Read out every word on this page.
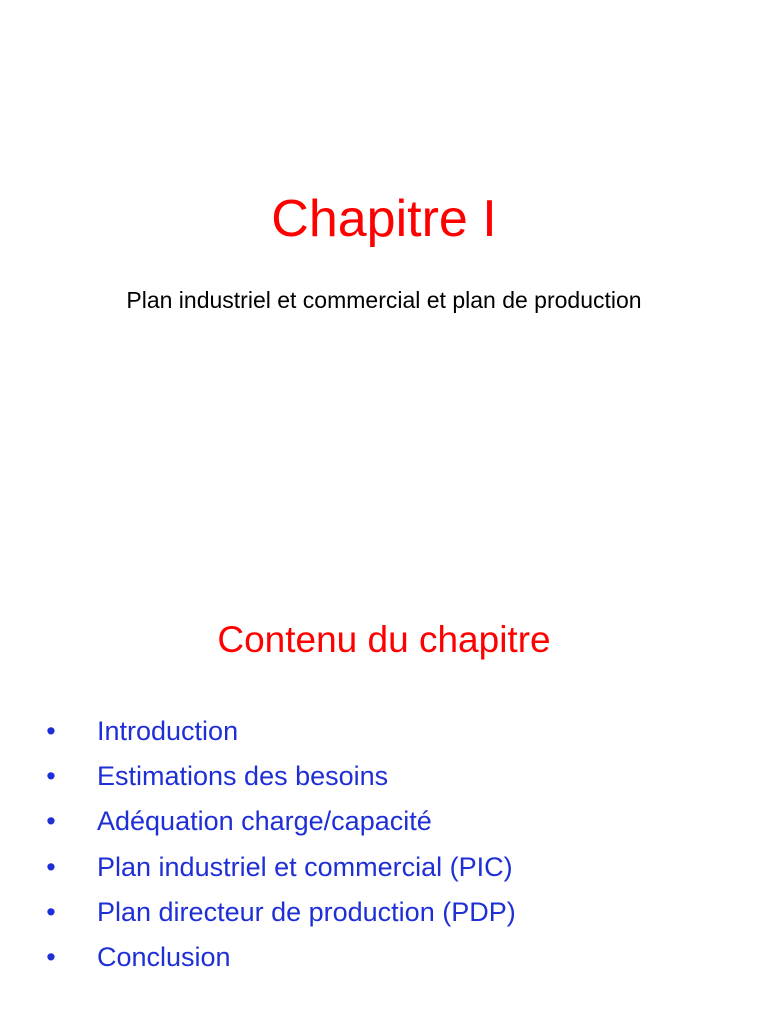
Chapitre I
Plan industriel et commercial et plan de production
Contenu du chapitre
• Introduction
• Estimations des besoins
• Adéquation charge/capacité
• Plan industriel et commercial (PIC)
• Plan directeur de production (PDP)
• Conclusion
